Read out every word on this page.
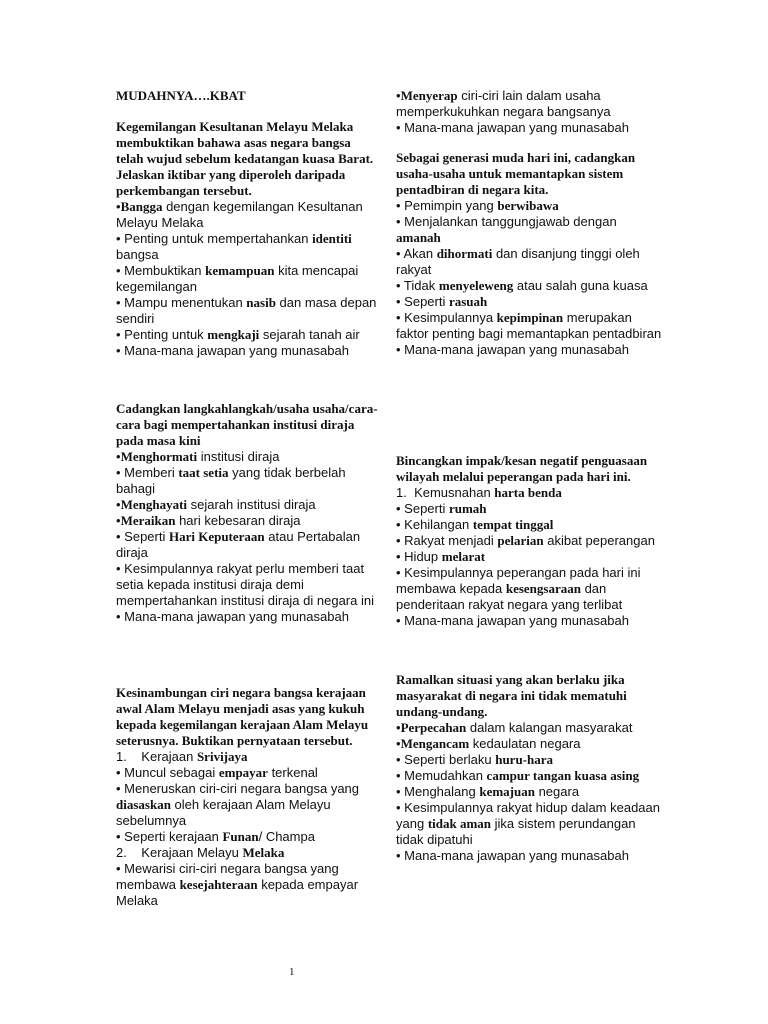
MUDAHNYA….KBAT

Kegemilangan Kesultanan Melayu Melaka membuktikan bahawa asas negara bangsa telah wujud sebelum kedatangan kuasa Barat. Jelaskan iktibar yang diperoleh daripada perkembangan tersebut.

•Bangga dengan kegemilangan Kesultanan Melayu Melaka
• Penting untuk mempertahankan identiti bangsa
• Membuktikan kemampuan kita mencapai kegemilangan
• Mampu menentukan nasib dan masa depan sendiri
• Penting untuk mengkaji sejarah tanah air
• Mana-mana jawapan yang munasabah

Cadangkan langkahlangkah/usaha usaha/cara-cara bagi mempertahankan institusi diraja pada masa kini

•Menghormati institusi diraja
• Memberi taat setia yang tidak berbelah bahagi
•Menghayati sejarah institusi diraja
•Meraikan hari kebesaran diraja
• Seperti Hari Keputeraan atau Pertabalan diraja
• Kesimpulannya rakyat perlu memberi taat setia kepada institusi diraja demi mempertahankan institusi diraja di negara ini
• Mana-mana jawapan yang munasabah

Kesinambungan ciri negara bangsa kerajaan awal Alam Melayu menjadi asas yang kukuh kepada kegemilangan kerajaan Alam Melayu seterusnya. Buktikan pernyataan tersebut.

1.    Kerajaan Srivijaya
• Muncul sebagai empayar terkenal
• Meneruskan ciri-ciri negara bangsa yang diasaskan oleh kerajaan Alam Melayu sebelumnya
• Seperti kerajaan Funan/ Champa
2.    Kerajaan Melayu Melaka
• Mewarisi ciri-ciri negara bangsa yang membawa kesejahteraan kepada empayar Melaka
•Menyerap ciri-ciri lain dalam usaha memperkukuhkan negara bangsanya
• Mana-mana jawapan yang munasabah

Sebagai generasi muda hari ini, cadangkan usaha-usaha untuk memantapkan sistem pentadbiran di negara kita.

• Pemimpin yang berwibawa
• Menjalankan tanggungjawab dengan amanah
• Akan dihormati dan disanjung tinggi oleh rakyat
• Tidak menyeleweng atau salah guna kuasa
• Seperti rasuah
• Kesimpulannya kepimpinan merupakan faktor penting bagi memantapkan pentadbiran
• Mana-mana jawapan yang munasabah

Bincangkan impak/kesan negatif penguasaan wilayah melalui peperangan pada hari ini.

1.  Kemusnahan harta benda
• Seperti rumah
• Kehilangan tempat tinggal
• Rakyat menjadi pelarian akibat peperangan
• Hidup melarat
• Kesimpulannya peperangan pada hari ini membawa kepada kesengsaraan dan penderitaan rakyat negara yang terlibat
• Mana-mana jawapan yang munasabah

Ramalkan situasi yang akan berlaku jika masyarakat di negara ini tidak mematuhi undang-undang.

•Perpecahan dalam kalangan masyarakat
•Mengancam kedaulatan negara
• Seperti berlaku huru-hara
• Memudahkan campur tangan kuasa asing
• Menghalang kemajuan negara
• Kesimpulannya rakyat hidup dalam keadaan yang tidak aman jika sistem perundangan tidak dipatuhi
• Mana-mana jawapan yang munasabah
1
